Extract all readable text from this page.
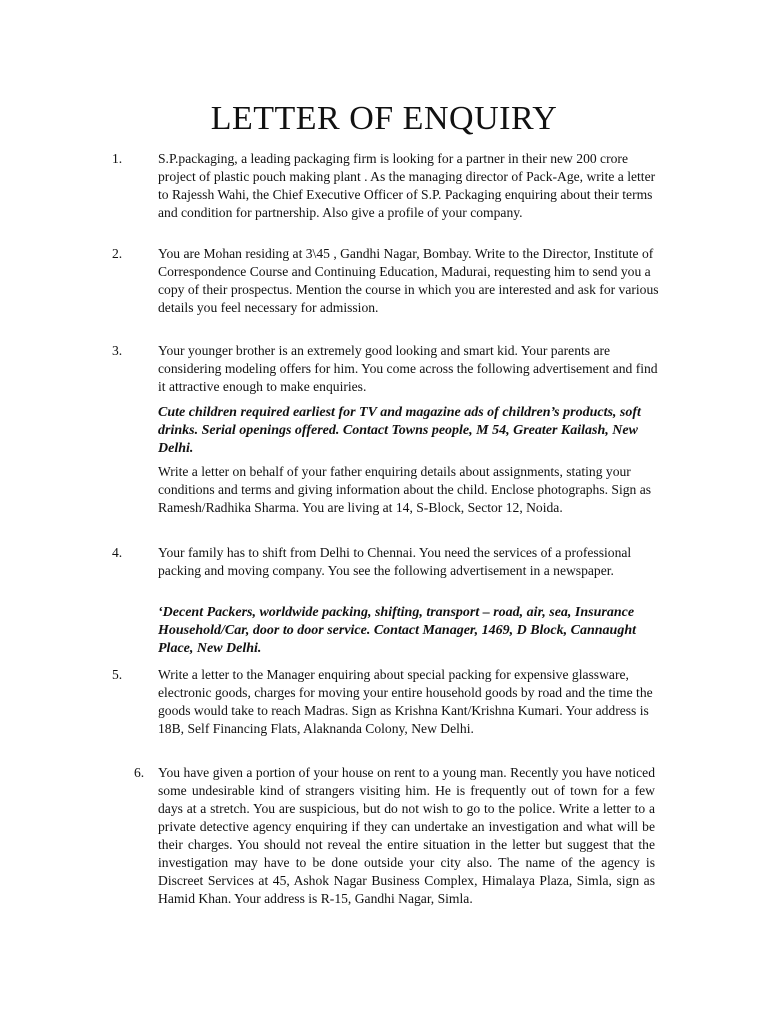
LETTER OF ENQUIRY
1.	S.P.packaging, a leading packaging firm is looking for a partner in their new 200 crore project of plastic pouch making plant . As the managing director of Pack-Age, write a letter to Rajessh Wahi, the Chief Executive Officer of S.P. Packaging enquiring about their terms and condition for partnership. Also give a profile of your company.

2.	You are Mohan residing at 3\45 , Gandhi Nagar, Bombay. Write to the Director, Institute of Correspondence Course and Continuing Education, Madurai, requesting him to send you a copy of their prospectus. Mention the course in which you are interested and ask for various details you feel necessary for admission.

3.	Your younger brother is an extremely good looking and smart kid. Your parents are considering modeling offers for him. You come across the following advertisement and find it attractive enough to make enquiries.

Cute children required earliest for TV and magazine ads of children’s products, soft drinks. Serial openings offered. Contact Towns people, M 54, Greater Kailash, New Delhi.

Write a letter on behalf of your father enquiring details about assignments, stating your conditions and terms and giving information about the child. Enclose photographs. Sign as Ramesh/Radhika Sharma. You are living at 14, S-Block, Sector 12, Noida.

4.	Your family has to shift from Delhi to Chennai. You need the services of a professional packing and moving company. You see the following advertisement in a newspaper.

‘Decent Packers, worldwide packing, shifting, transport – road, air, sea, Insurance Household/Car, door to door service. Contact Manager, 1469, D Block, Cannaught Place, New Delhi.

5.	Write a letter to the Manager enquiring about special packing for expensive glassware, electronic goods, charges for moving your entire household goods by road and the time the goods would take to reach Madras. Sign as Krishna Kant/Krishna Kumari. Your address is 18B, Self Financing Flats, Alaknanda Colony, New Delhi.

6. You have given a portion of your house on rent to a young man. Recently you have noticed some undesirable kind of strangers visiting him. He is frequently out of town for a few days at a stretch. You are suspicious, but do not wish to go to the police. Write a letter to a private detective agency enquiring if they can undertake an investigation and what will be their charges. You should not reveal the entire situation in the letter but suggest that the investigation may have to be done outside your city also. The name of the agency is Discreet Services at 45, Ashok Nagar Business Complex, Himalaya Plaza, Simla, sign as Hamid Khan. Your address is R-15, Gandhi Nagar, Simla.
